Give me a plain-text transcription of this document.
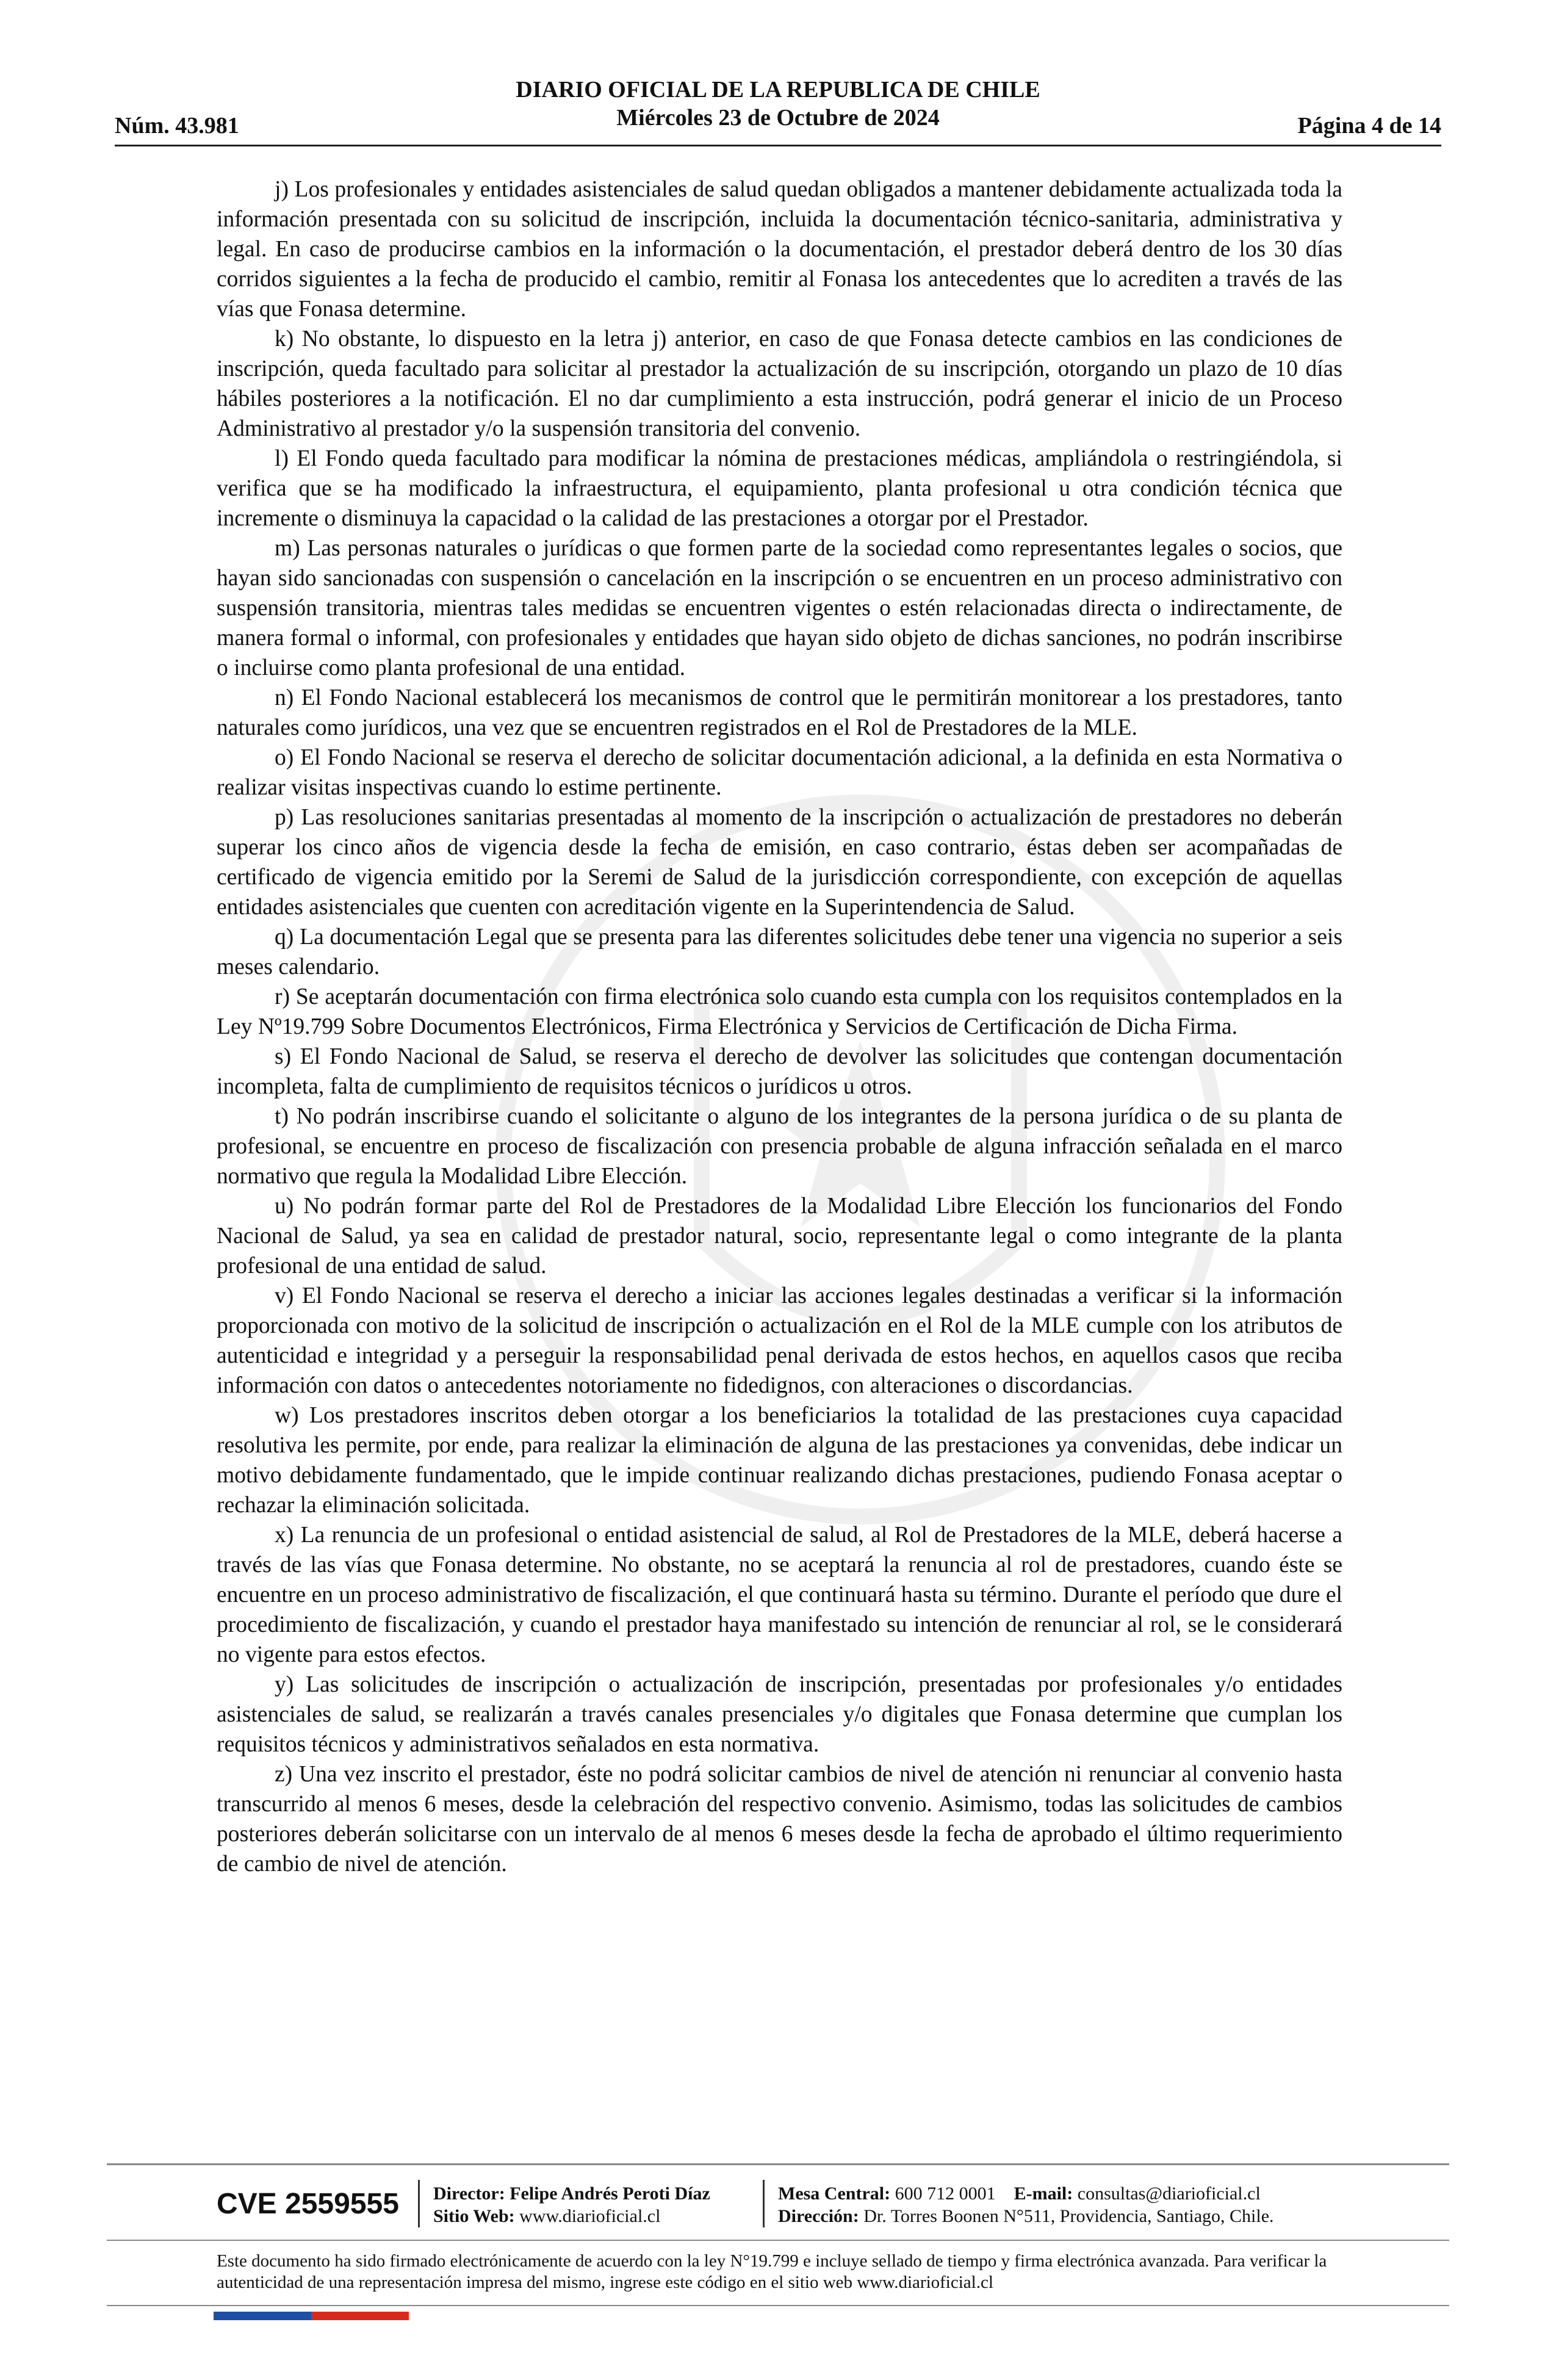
Núm. 43.981
DIARIO OFICIAL DE LA REPUBLICA DE CHILE
Miércoles 23 de Octubre de 2024	Página 4 de 14

j) Los profesionales y entidades asistenciales de salud quedan obligados a mantener debidamente actualizada toda la información presentada con su solicitud de inscripción, incluida la documentación técnico-sanitaria, administrativa y legal. En caso de producirse cambios en la información o la documentación, el prestador deberá dentro de los 30 días corridos siguientes a la fecha de producido el cambio, remitir al Fonasa los antecedentes que lo acrediten a través de las vías que Fonasa determine.

k) No obstante, lo dispuesto en la letra j) anterior, en caso de que Fonasa detecte cambios en las condiciones de inscripción, queda facultado para solicitar al prestador la actualización de su inscripción, otorgando un plazo de 10 días hábiles posteriores a la notificación. El no dar cumplimiento a esta instrucción, podrá generar el inicio de un Proceso Administrativo al prestador y/o la suspensión transitoria del convenio.

l) El Fondo queda facultado para modificar la nómina de prestaciones médicas, ampliándola o restringiéndola, si verifica que se ha modificado la infraestructura, el equipamiento, planta profesional u otra condición técnica que incremente o disminuya la capacidad o la calidad de las prestaciones a otorgar por el Prestador.

m) Las personas naturales o jurídicas o que formen parte de la sociedad como representantes legales o socios, que hayan sido sancionadas con suspensión o cancelación en la inscripción o se encuentren en un proceso administrativo con suspensión transitoria, mientras tales medidas se encuentren vigentes o estén relacionadas directa o indirectamente, de manera formal o informal, con profesionales y entidades que hayan sido objeto de dichas sanciones, no podrán inscribirse o incluirse como planta profesional de una entidad.

n) El Fondo Nacional establecerá los mecanismos de control que le permitirán monitorear a los prestadores, tanto naturales como jurídicos, una vez que se encuentren registrados en el Rol de Prestadores de la MLE.

o) El Fondo Nacional se reserva el derecho de solicitar documentación adicional, a la definida en esta Normativa o realizar visitas inspectivas cuando lo estime pertinente.

p) Las resoluciones sanitarias presentadas al momento de la inscripción o actualización de prestadores no deberán superar los cinco años de vigencia desde la fecha de emisión, en caso contrario, éstas deben ser acompañadas de certificado de vigencia emitido por la Seremi de Salud de la jurisdicción correspondiente, con excepción de aquellas entidades asistenciales que cuenten con acreditación vigente en la Superintendencia de Salud.

q) La documentación Legal que se presenta para las diferentes solicitudes debe tener una vigencia no superior a seis meses calendario.

r) Se aceptarán documentación con firma electrónica solo cuando esta cumpla con los requisitos contemplados en la Ley Nº19.799 Sobre Documentos Electrónicos, Firma Electrónica y Servicios de Certificación de Dicha Firma.

s) El Fondo Nacional de Salud, se reserva el derecho de devolver las solicitudes que contengan documentación incompleta, falta de cumplimiento de requisitos técnicos o jurídicos u otros.

t) No podrán inscribirse cuando el solicitante o alguno de los integrantes de la persona jurídica o de su planta de profesional, se encuentre en proceso de fiscalización con presencia probable de alguna infracción señalada en el marco normativo que regula la Modalidad Libre Elección.

u) No podrán formar parte del Rol de Prestadores de la Modalidad Libre Elección los funcionarios del Fondo Nacional de Salud, ya sea en calidad de prestador natural, socio, representante legal o como integrante de la planta profesional de una entidad de salud.

v) El Fondo Nacional se reserva el derecho a iniciar las acciones legales destinadas a verificar si la información proporcionada con motivo de la solicitud de inscripción o actualización en el Rol de la MLE cumple con los atributos de autenticidad e integridad y a perseguir la responsabilidad penal derivada de estos hechos, en aquellos casos que reciba información con datos o antecedentes notoriamente no fidedignos, con alteraciones o discordancias.

w) Los prestadores inscritos deben otorgar a los beneficiarios la totalidad de las prestaciones cuya capacidad resolutiva les permite, por ende, para realizar la eliminación de alguna de las prestaciones ya convenidas, debe indicar un motivo debidamente fundamentado, que le impide continuar realizando dichas prestaciones, pudiendo Fonasa aceptar o rechazar la eliminación solicitada.

x) La renuncia de un profesional o entidad asistencial de salud, al Rol de Prestadores de la MLE, deberá hacerse a través de las vías que Fonasa determine. No obstante, no se aceptará la renuncia al rol de prestadores, cuando éste se encuentre en un proceso administrativo de fiscalización, el que continuará hasta su término. Durante el período que dure el procedimiento de fiscalización, y cuando el prestador haya manifestado su intención de renunciar al rol, se le considerará no vigente para estos efectos.

y) Las solicitudes de inscripción o actualización de inscripción, presentadas por profesionales y/o entidades asistenciales de salud, se realizarán a través canales presenciales y/o digitales que Fonasa determine que cumplan los requisitos técnicos y administrativos señalados en esta normativa.

z) Una vez inscrito el prestador, éste no podrá solicitar cambios de nivel de atención ni renunciar al convenio hasta transcurrido al menos 6 meses, desde la celebración del respectivo convenio. Asimismo, todas las solicitudes de cambios posteriores deberán solicitarse con un intervalo de al menos 6 meses desde la fecha de aprobado el último requerimiento de cambio de nivel de atención.

CVE 2559555 Director: Felipe Andrés Peroti Díaz
Sitio Web: www.diarioficial.cl
Mesa Central: 600 712 0001 E-mail: consultas@diarioficial.cl
Dirección: Dr. Torres Boonen N°511, Providencia, Santiago, Chile.
Este documento ha sido firmado electrónicamente de acuerdo con la ley N°19.799 e incluye sellado de tiempo y firma electrónica avanzada. Para verificar la autenticidad de una representación impresa del mismo, ingrese este código en el sitio web www.diarioficial.cl
